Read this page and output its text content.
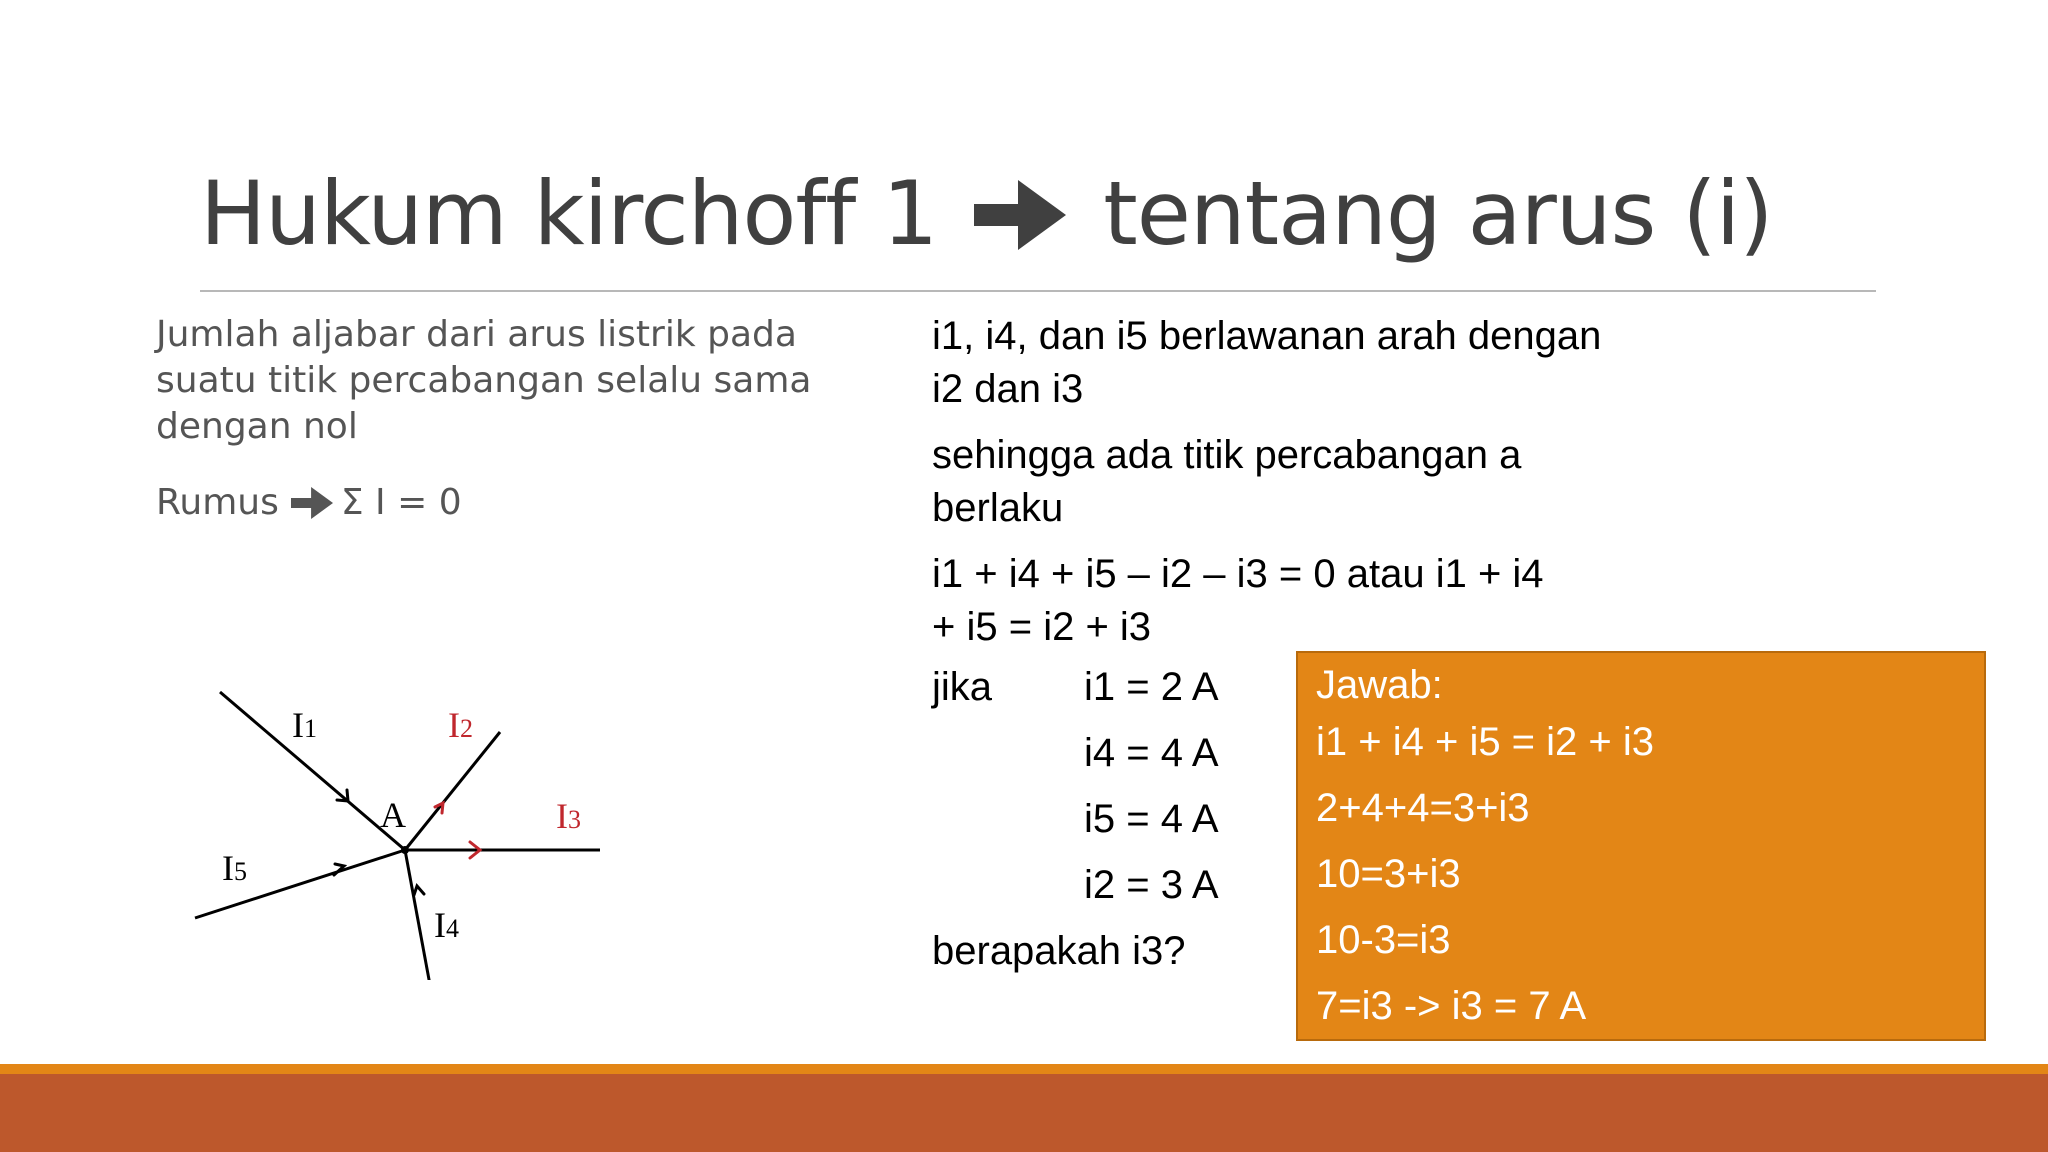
Hukum kirchoff 1 tentang arus (i)

Jumlah aljabar dari arus listrik pada suatu titik percabangan selalu sama dengan nol

Rumus Σ I = 0
I1	I2
I3
I4
I5
A

i1, i4, dan i5 berlawanan arah dengan

i2 dan i3

sehingga ada titik percabangan a

berlaku

i1 + i4 + i5 – i2 – i3 = 0 atau i1 + i4

+ i5 = i2 + i3

jika	i1 = 2 A
i4 = 4 A
i5 = 4 A
i2 = 3 A
berapakah i3?
Jawab:
i1 + i4 + i5 = i2 + i3
2+4+4=3+i3
10=3+i3
10-3=i3
7=i3 -> i3 = 7 A
